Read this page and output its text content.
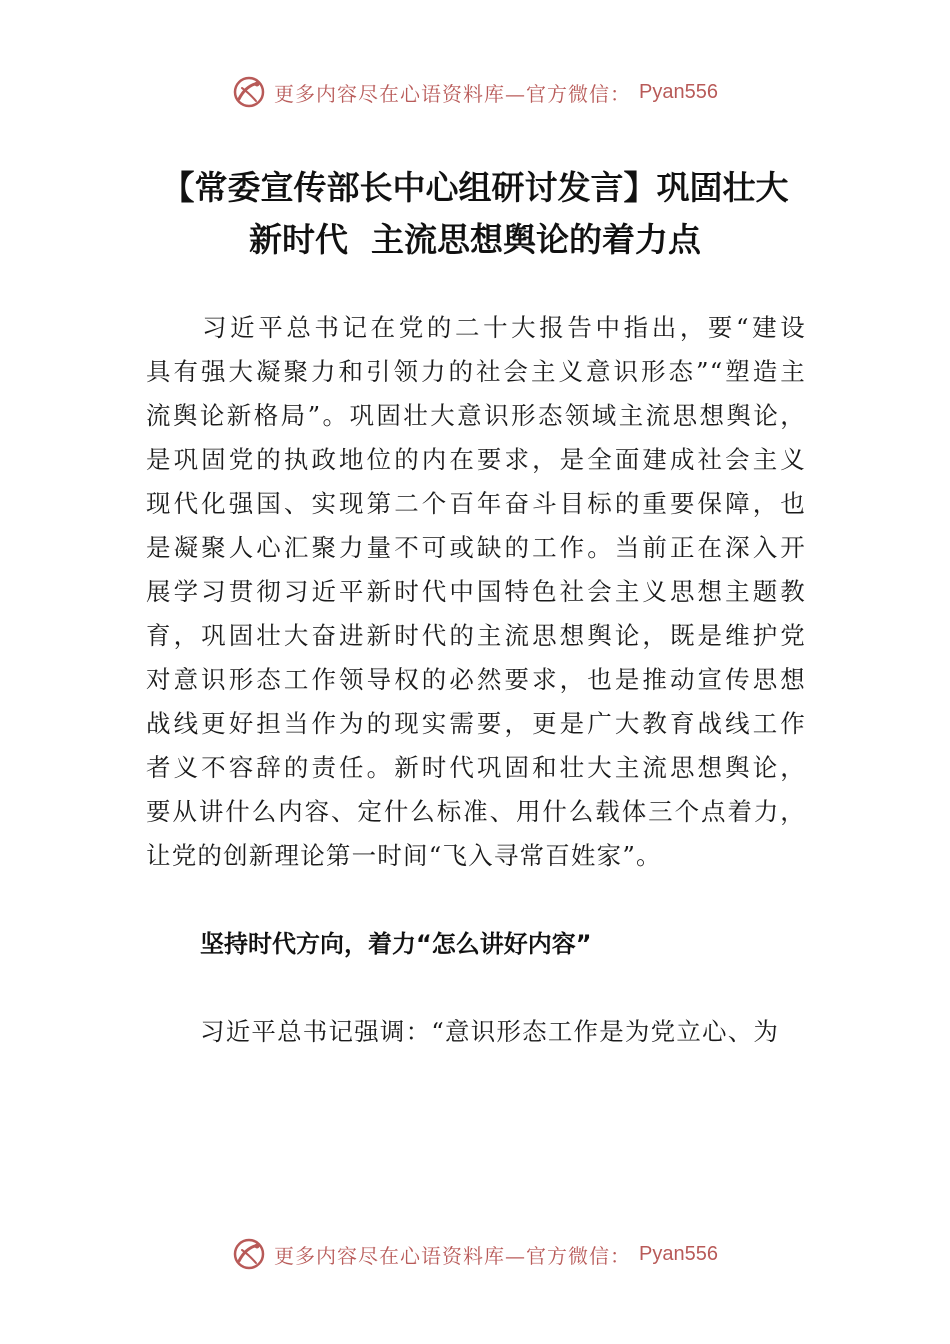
更多内容尽在心语资料库—官方微信： Pyan556
【常委宣传部长中心组研讨发言】巩固壮大
新时代  主流思想舆论的着力点
习近平总书记在党的二十大报告中指出，要“建设
具有强大凝聚力和引领力的社会主义意识形态”“塑造主
流舆论新格局”。巩固壮大意识形态领域主流思想舆论，
是巩固党的执政地位的内在要求，是全面建成社会主义
现代化强国、实现第二个百年奋斗目标的重要保障，也
是凝聚人心汇聚力量不可或缺的工作。当前正在深入开
展学习贯彻习近平新时代中国特色社会主义思想主题教
育，巩固壮大奋进新时代的主流思想舆论，既是维护党
对意识形态工作领导权的必然要求，也是推动宣传思想
战线更好担当作为的现实需要，更是广大教育战线工作
者义不容辞的责任。新时代巩固和壮大主流思想舆论，
要从讲什么内容、定什么标准、用什么载体三个点着力，
让党的创新理论第一时间“飞入寻常百姓家”。
坚持时代方向，着力“怎么讲好内容”

习近平总书记强调：“意识形态工作是为党立心、为

更多内容尽在心语资料库—官方微信： Pyan556
